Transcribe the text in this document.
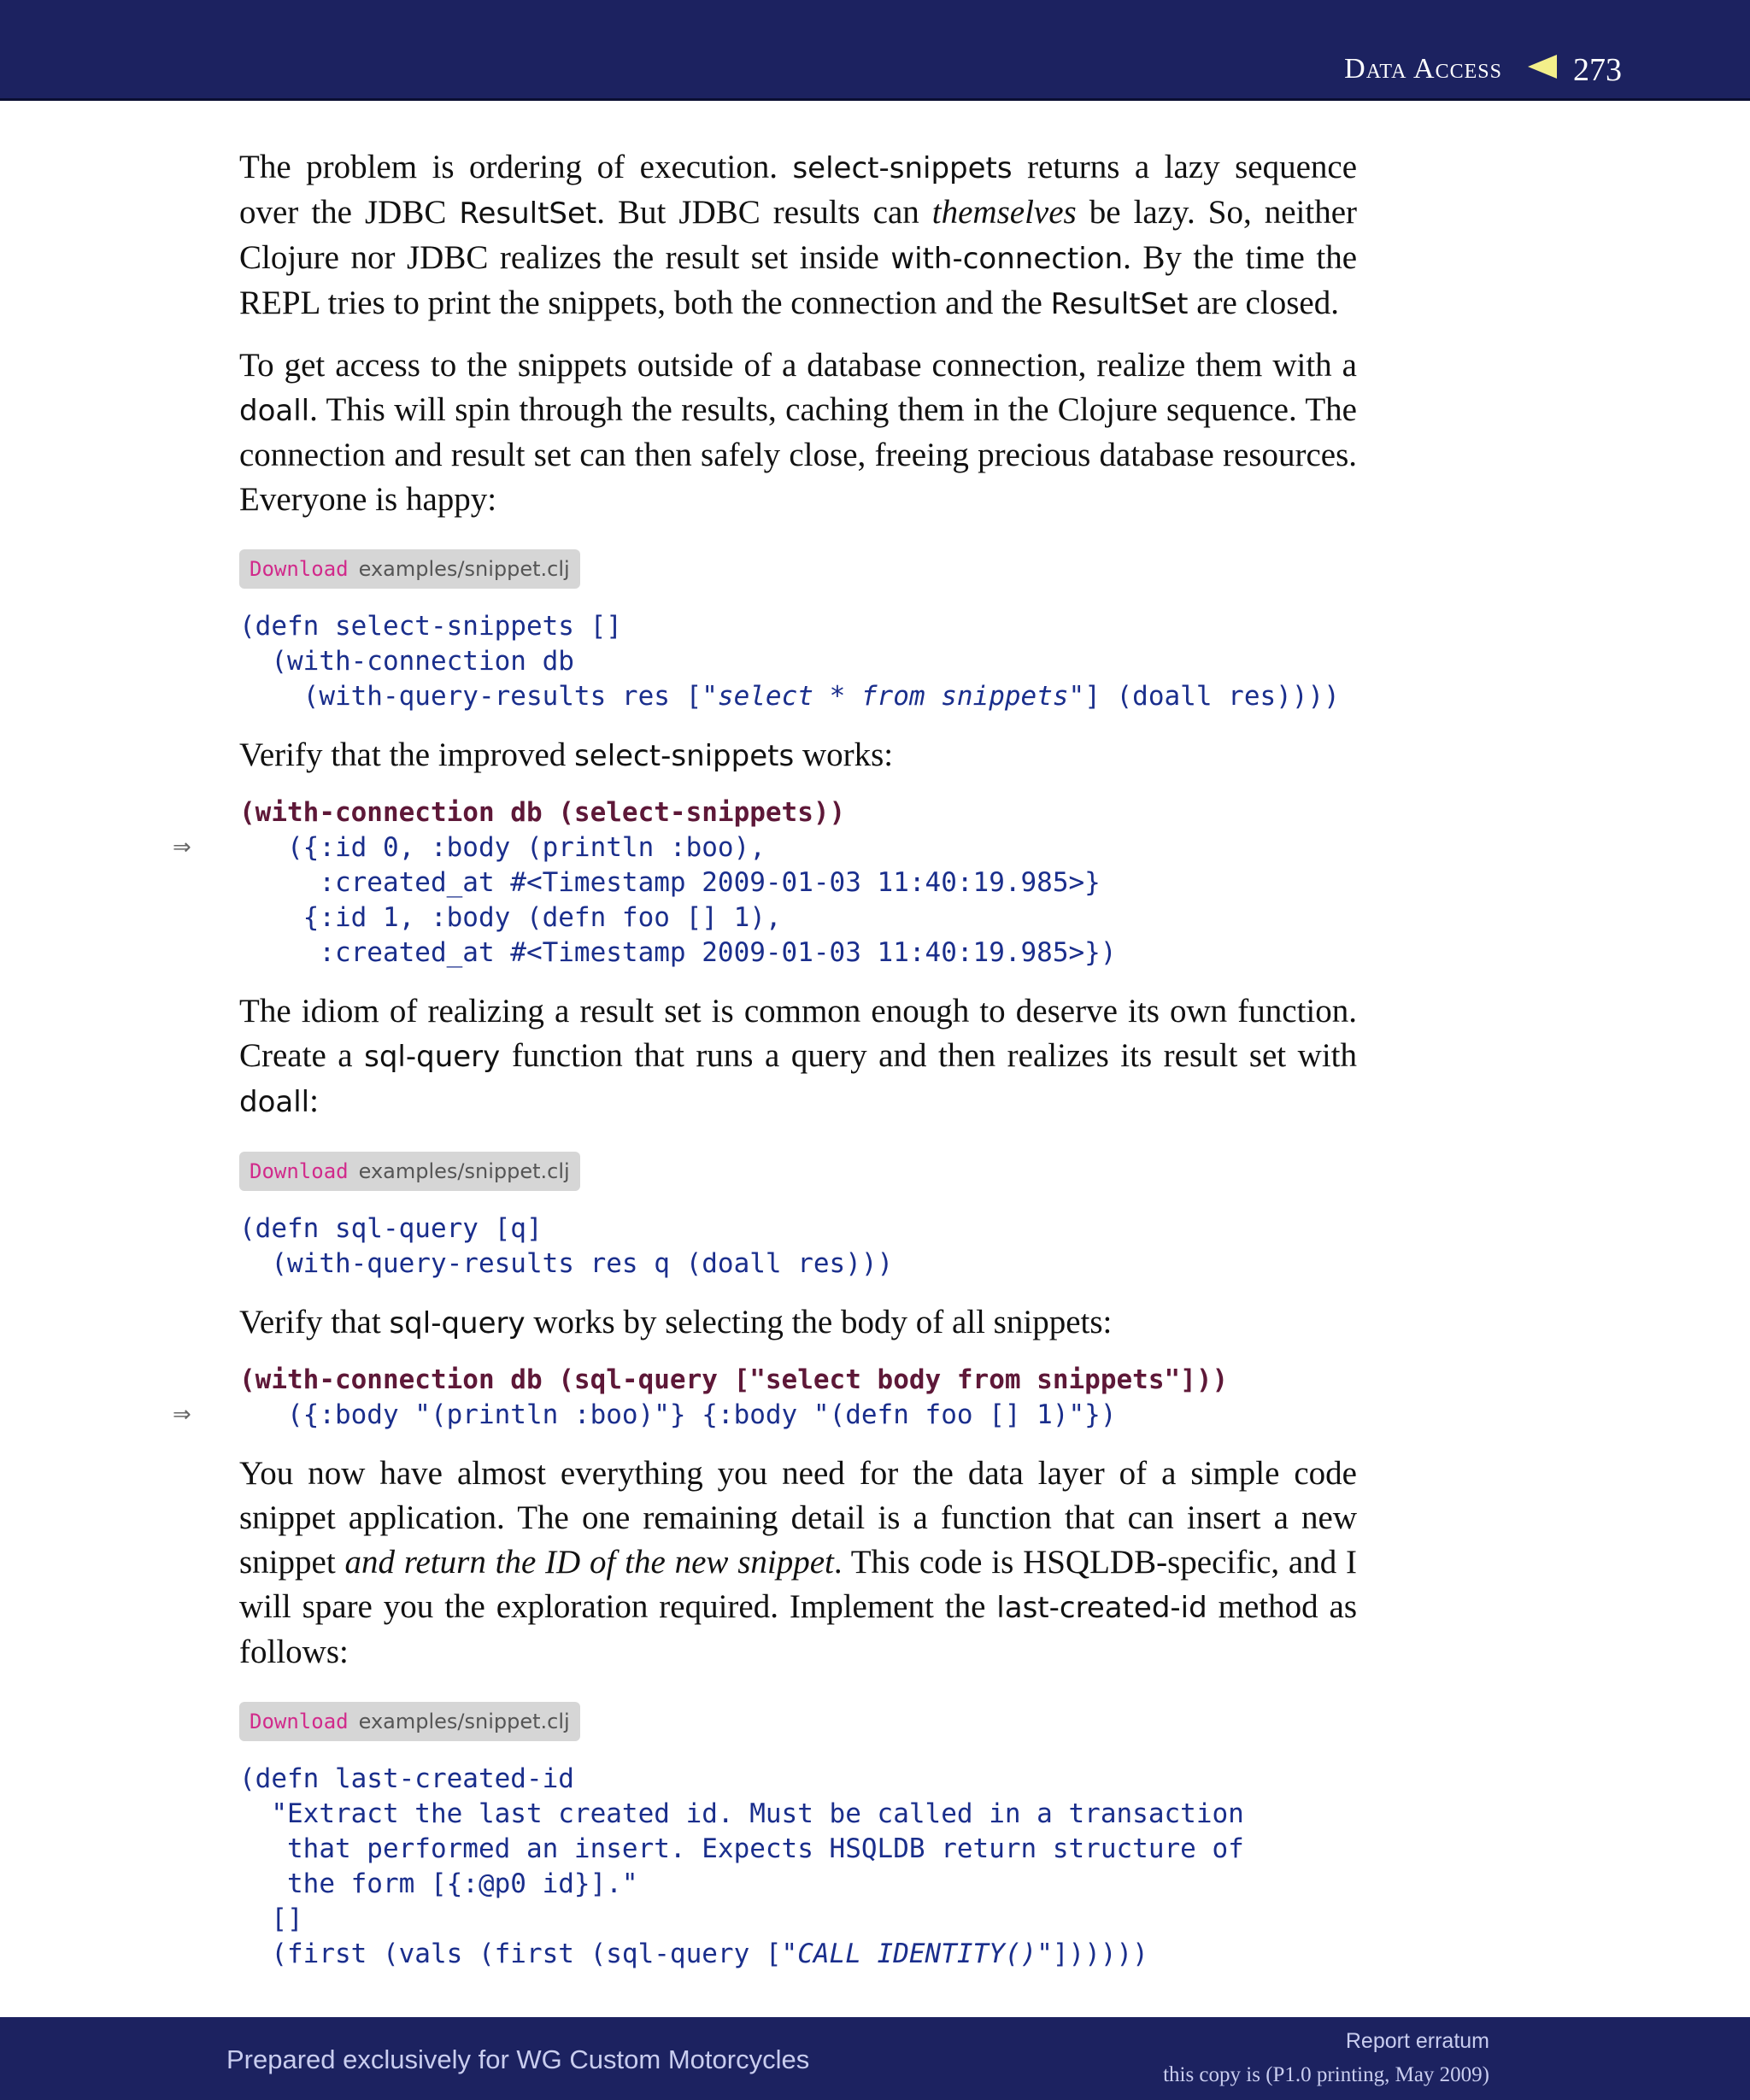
Data Access 273

The problem is ordering of execution. select-snippets returns a lazy sequence over the JDBC ResultSet. But JDBC results can themselves be lazy. So, neither Clojure nor JDBC realizes the result set inside with-connection. By the time the REPL tries to print the snippets, both the connection and the ResultSet are closed.

To get access to the snippets outside of a database connection, realize them with a doall. This will spin through the results, caching them in the Clojure sequence. The connection and result set can then safely close, freeing precious database resources. Everyone is happy:

Download examples/snippet.clj
(defn select-snippets []
(with-connection db
(with-query-results res ["select * from snippets"] (doall res))))

Verify that the improved select-snippets works:

(with-connection db (select-snippets))

⇒	({:id 0, :body (println :boo),
:created_at #<Timestamp 2009-01-03 11:40:19.985>}
{:id 1, :body (defn foo [] 1),
:created_at #<Timestamp 2009-01-03 11:40:19.985>})

The idiom of realizing a result set is common enough to deserve its own function. Create a sql-query function that runs a query and then realizes its result set with doall:

Download examples/snippet.clj
(defn sql-query [q]
(with-query-results res q (doall res)))

Verify that sql-query works by selecting the body of all snippets:

(with-connection db (sql-query ["select body from snippets"]))

⇒ ({:body "(println :boo)"} {:body "(defn foo [] 1)"})

You now have almost everything you need for the data layer of a simple code snippet application. The one remaining detail is a function that can insert a new snippet and return the ID of the new snippet. This code is HSQLDB-specific, and I will spare you the exploration required. Implement the last-created-id method as follows:

Download examples/snippet.clj
(defn last-created-id
"Extract the last created id. Must be called in a transaction
that performed an insert. Expects HSQLDB return structure of
the form [{:@p0 id}]."
[]
(first (vals (first (sql-query ["CALL IDENTITY()"])))))
Prepared exclusively for WG Custom Motorcycles
Report erratum
this copy is (P1.0 printing, May 2009)
